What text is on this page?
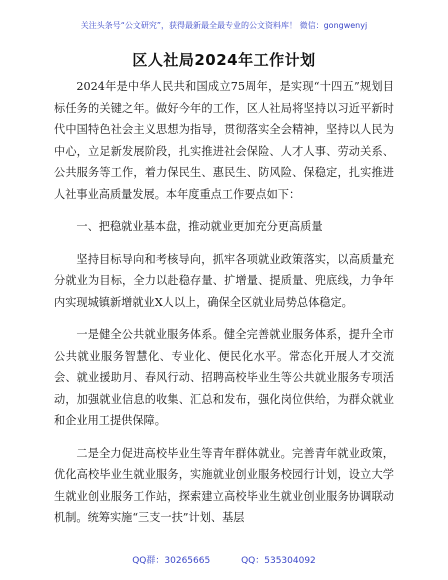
关注头条号“公文研究”，获得最新最全最专业的公文资料库！ 微信：gongwenyj
区人社局2024年工作计划

2024年是中华人民共和国成立75周年，是实现“十四五”规划目标任务的关键之年。做好今年的工作，区人社局将坚持以习近平新时代中国特色社会主义思想为指导，贯彻落实全会精神，坚持以人民为中心，立足新发展阶段，扎实推进社会保险、人才人事、劳动关系、公共服务等工作，着力保民生、惠民生、防风险、保稳定，扎实推进人社事业高质量发展。本年度重点工作要点如下：

一、把稳就业基本盘，推动就业更加充分更高质量

坚持目标导向和考核导向，抓牢各项就业政策落实，以高质量充分就业为目标，全力以赴稳存量、扩增量、提质量、兜底线，力争年内实现城镇新增就业X人以上，确保全区就业局势总体稳定。

一是健全公共就业服务体系。健全完善就业服务体系，提升全市公共就业服务智慧化、专业化、便民化水平。常态化开展人才交流会、就业援助月、春风行动、招聘高校毕业生等公共就业服务专项活动，加强就业信息的收集、汇总和发布，强化岗位供给，为群众就业和企业用工提供保障。

二是全力促进高校毕业生等青年群体就业。完善青年就业政策，优化高校毕业生就业服务，实施就业创业服务校园行计划，设立大学生就业创业服务工作站，探索建立高校毕业生就业创业服务协调联动机制。统筹实施“三支一扶”计划、基层

QQ群：30265665	QQ：535304092
